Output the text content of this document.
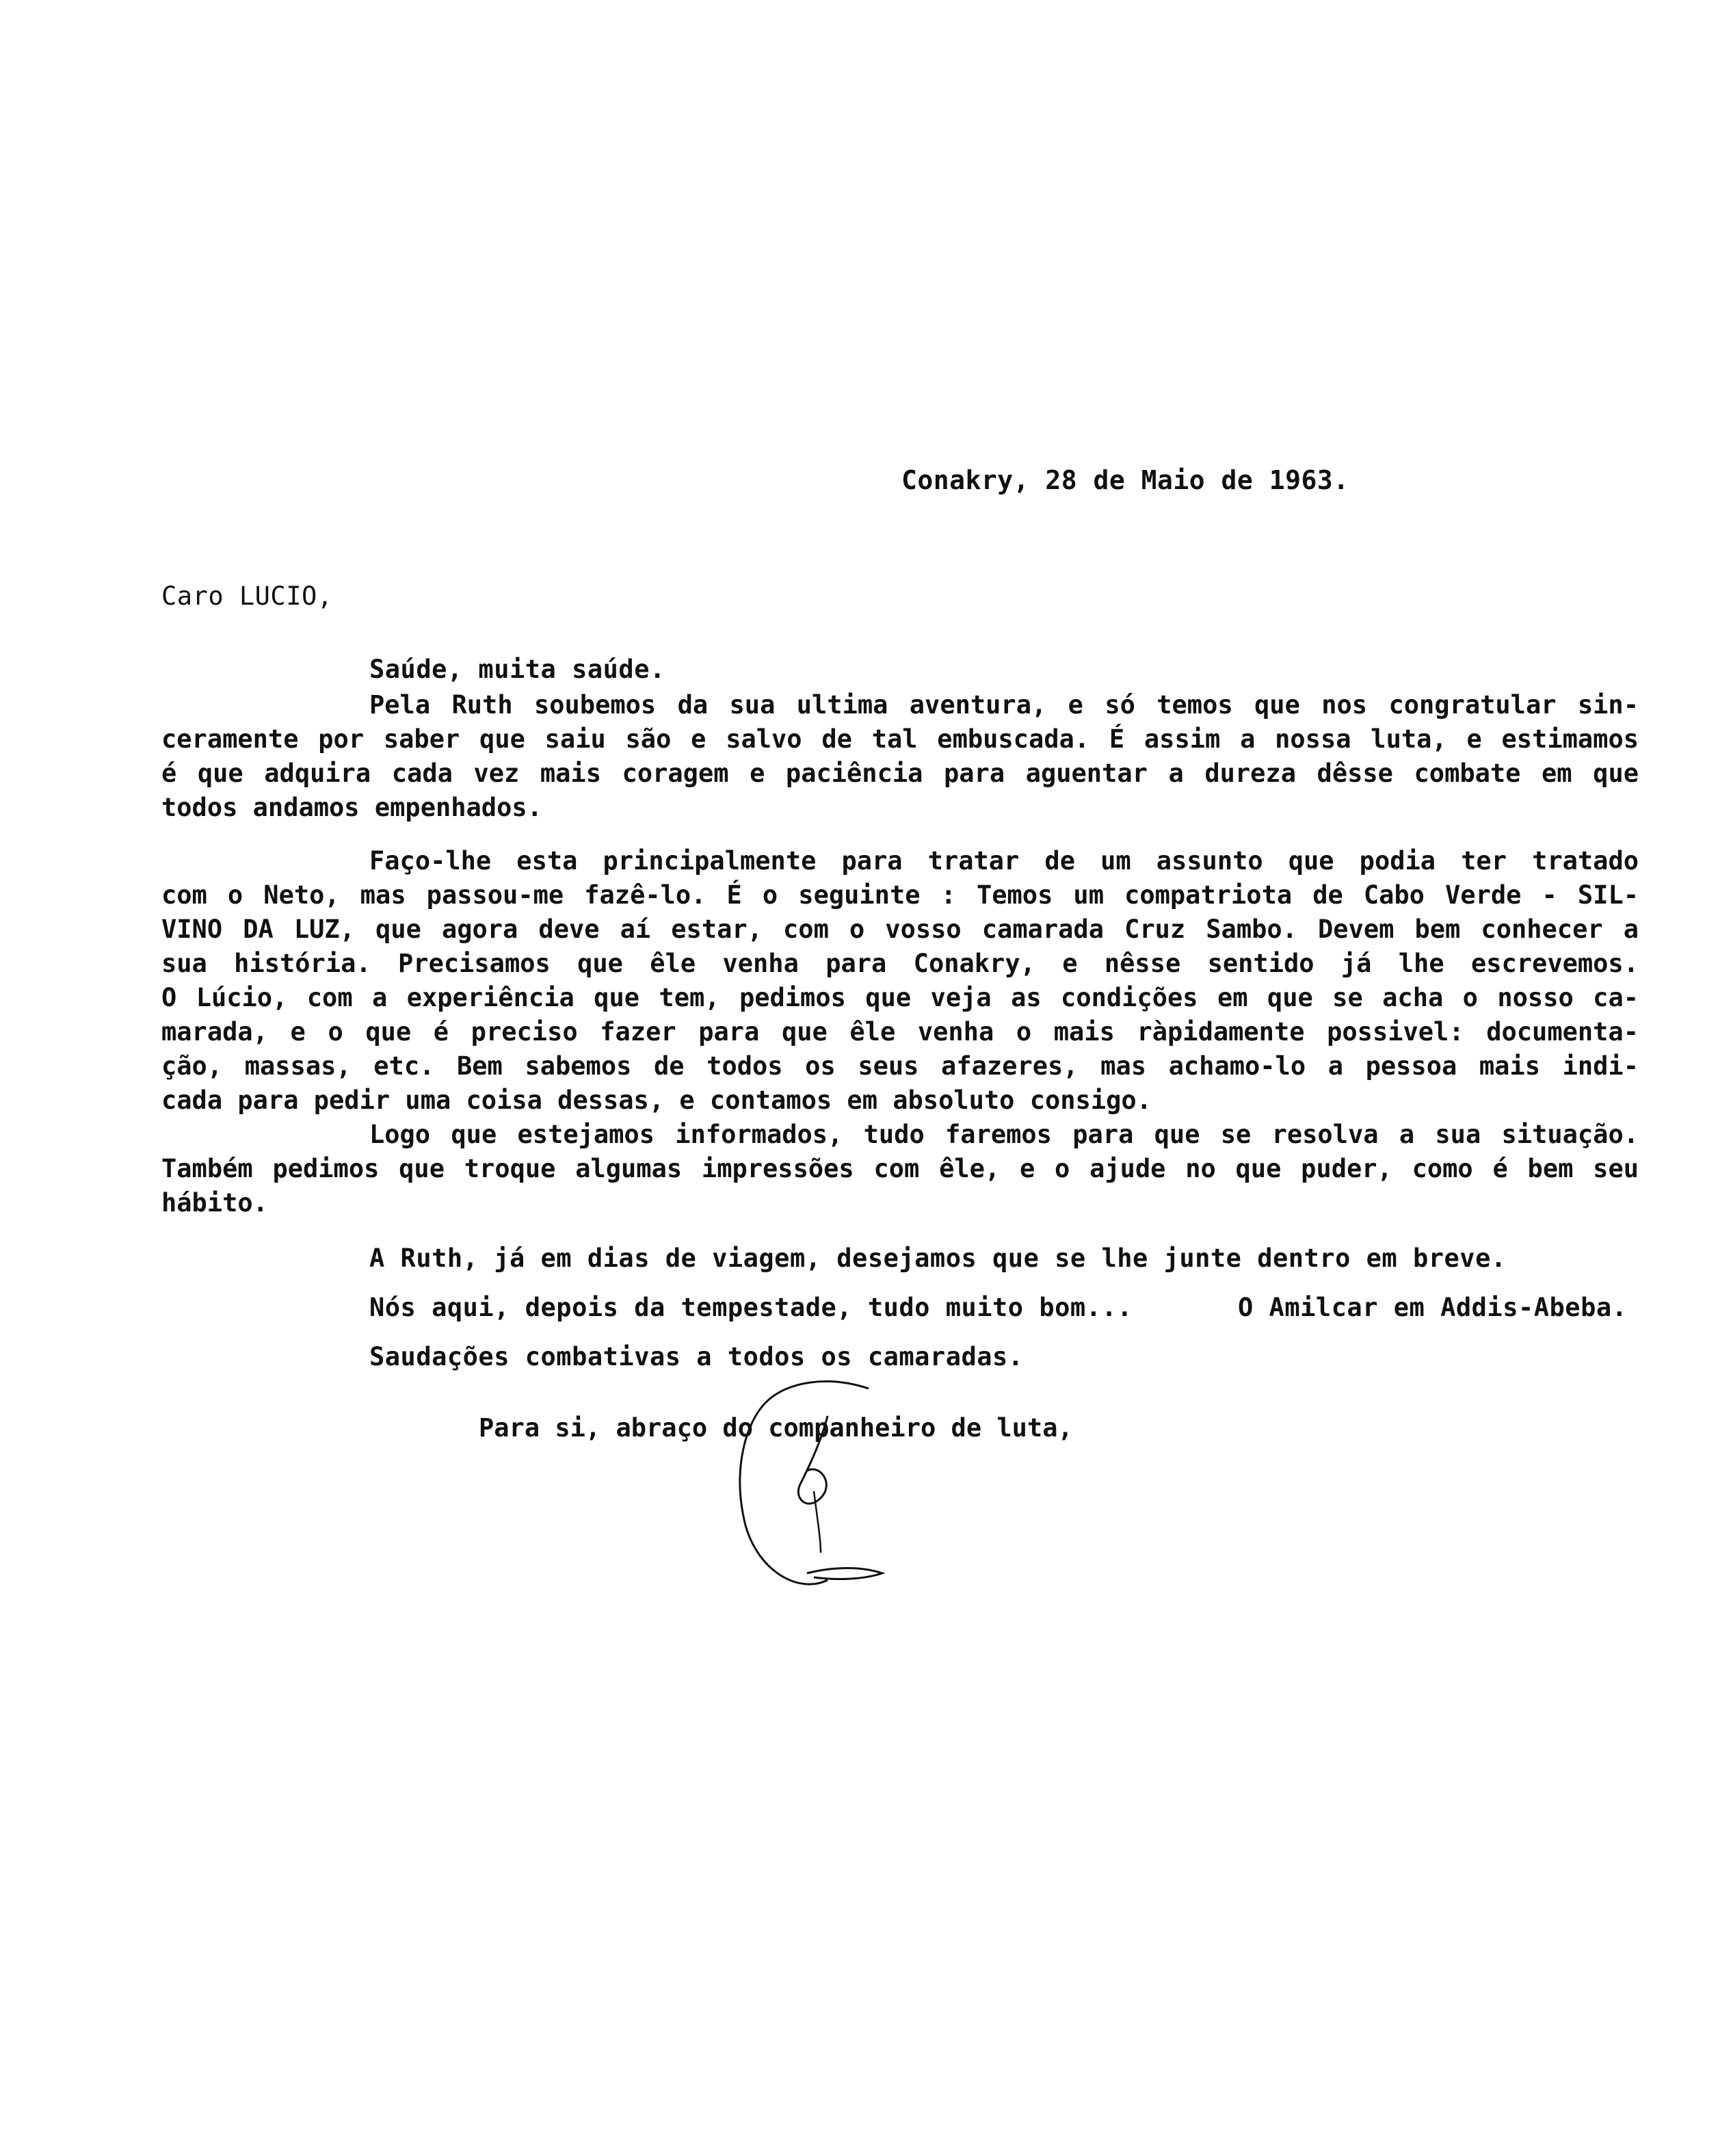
Conakry, 28 de Maio de 1963.
Caro LUCIO,
Saúde, muita saúde.
Pela Ruth soubemos da sua ultima aventura, e só temos que nos congratular sin-
ceramente por saber que saiu são e salvo de tal embuscada. É assim a nossa luta, e estimamos
é que adquira cada vez mais coragem e paciência para aguentar a dureza dêsse combate em que
todos andamos empenhados.
Faço-lhe esta principalmente para tratar de um assunto que podia ter tratado
com o Neto, mas passou-me fazê-lo. É o seguinte : Temos um compatriota de Cabo Verde - SIL-
VINO DA LUZ, que agora deve aí estar, com o vosso camarada Cruz Sambo. Devem bem conhecer a
sua história. Precisamos que êle venha para Conakry, e nêsse sentido já lhe escrevemos.
O Lúcio, com a experiência que tem, pedimos que veja as condições em que se acha o nosso ca-
marada, e o que é preciso fazer para que êle venha o mais ràpidamente possivel: documenta-
ção, massas, etc. Bem sabemos de todos os seus afazeres, mas achamo-lo a pessoa mais indi-
cada para pedir uma coisa dessas, e contamos em absoluto consigo.
Logo que estejamos informados, tudo faremos para que se resolva a sua situação.
Também pedimos que troque algumas impressões com êle, e o ajude no que puder, como é bem seu
hábito.
A Ruth, já em dias de viagem, desejamos que se lhe junte dentro em breve.
Nós aqui, depois da tempestade, tudo muito bom...	O Amilcar em Addis-Abeba.
Saudações combativas a todos os camaradas.
Para si, abraço do companheiro de luta,
